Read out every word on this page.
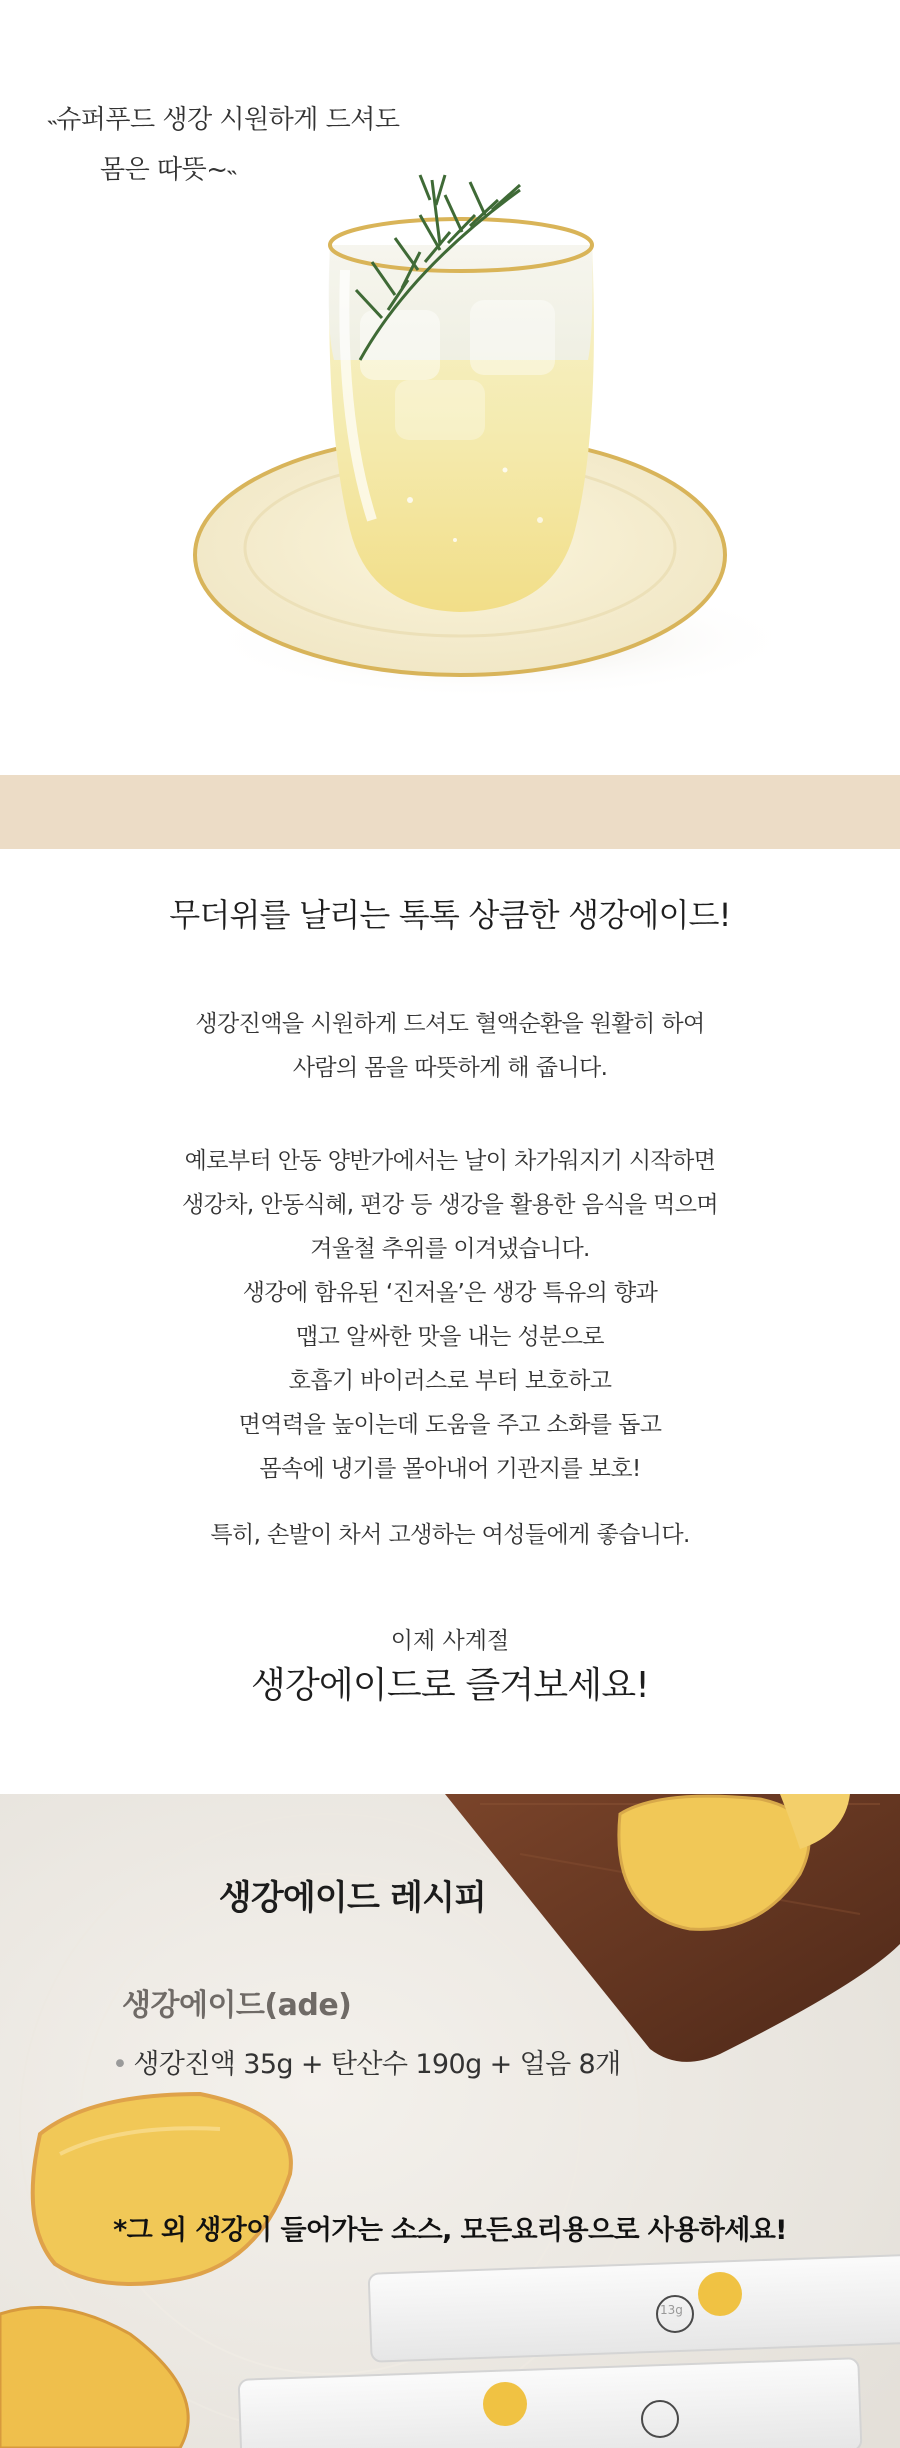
˵슈퍼푸드 생강 시원하게 드셔도
몸은 따뜻~˵
무더위를 날리는 톡톡 상큼한 생강에이드!
생강진액을 시원하게 드셔도 혈액순환을 원활히 하여
사람의 몸을 따뜻하게 해 줍니다.
예로부터 안동 양반가에서는 날이 차가워지기 시작하면
생강차, 안동식혜, 편강 등 생강을 활용한 음식을 먹으며
겨울철 추위를 이겨냈습니다.
생강에 함유된 ‘진저올’은 생강 특유의 향과
맵고 알싸한 맛을 내는 성분으로
호흡기 바이러스로 부터 보호하고
면역력을 높이는데 도움을 주고 소화를 돕고
몸속에 냉기를 몰아내어 기관지를 보호!
특히, 손발이 차서 고생하는 여성들에게 좋습니다.
이제 사계절
생강에이드로 즐겨보세요!
13g
생강에이드 레시피
생강에이드(ade)
• 생강진액 35g + 탄산수 190g + 얼음 8개
*그 외 생강이 들어가는 소스, 모든요리용으로 사용하세요!
